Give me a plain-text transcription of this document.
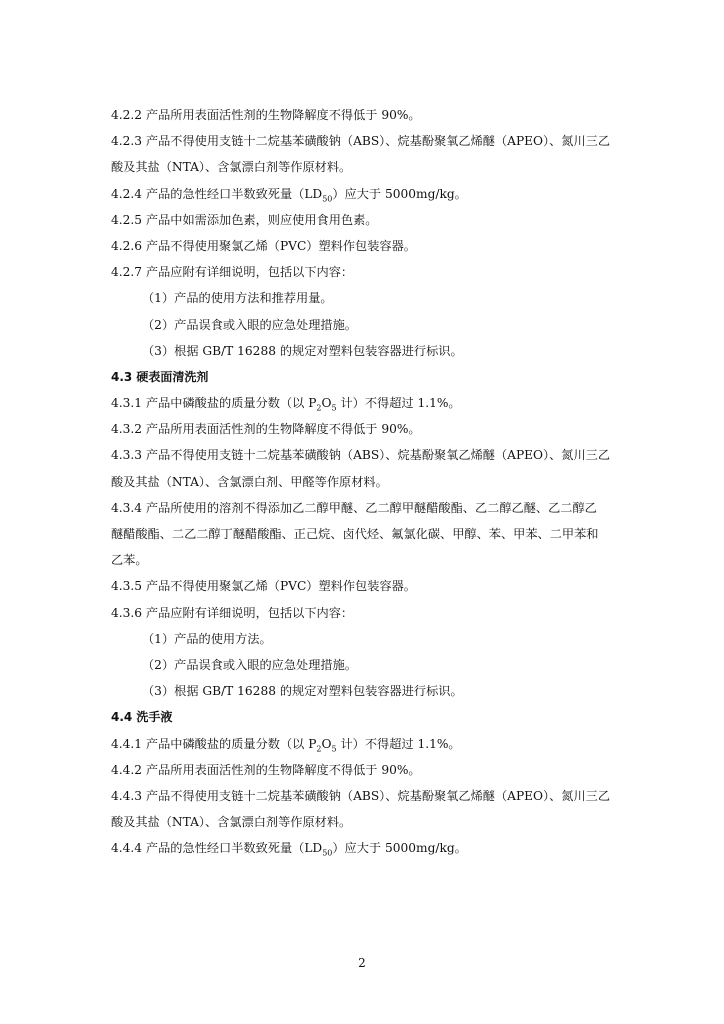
4.2.2 产品所用表面活性剂的生物降解度不得低于 90%。
4.2.3 产品不得使用支链十二烷基苯磺酸钠（ABS）、烷基酚聚氧乙烯醚（APEO）、氮川三乙
酸及其盐（NTA）、含氯漂白剂等作原材料。
4.2.4 产品的急性经口半数致死量$(LD_{50})$应大于 5000mg/kg。
4.2.5 产品中如需添加色素，则应使用食用色素。
4.2.6 产品不得使用聚氯乙烯（PVC）塑料作包装容器。
4.2.7 产品应附有详细说明，包括以下内容：
（1）产品的使用方法和推荐用量。
（2）产品误食或入眼的应急处理措施。
（3）根据 GB/T 16288 的规定对塑料包装容器进行标识。
4.3 硬表面清洗剂
4.3.1 产品中磷酸盐的质量分数（以 $P_2O_5$ 计）不得超过 1.1%。
4.3.2 产品所用表面活性剂的生物降解度不得低于 90%。
4.3.3 产品不得使用支链十二烷基苯磺酸钠（ABS）、烷基酚聚氧乙烯醚（APEO）、氮川三乙
酸及其盐（NTA）、含氯漂白剂、甲醛等作原材料。
4.3.4 产品所使用的溶剂不得添加乙二醇甲醚、乙二醇甲醚醋酸酯、乙二醇乙醚、乙二醇乙
醚醋酸酯、二乙二醇丁醚醋酸酯、正己烷、卤代烃、氟氯化碳、甲醇、苯、甲苯、二甲苯和
乙苯。
4.3.5 产品不得使用聚氯乙烯（PVC）塑料作包装容器。
4.3.6 产品应附有详细说明，包括以下内容：
（1）产品的使用方法。
（2）产品误食或入眼的应急处理措施。
（3）根据 GB/T 16288 的规定对塑料包装容器进行标识。
4.4 洗手液
4.4.1 产品中磷酸盐的质量分数（以 $P_2O_5$ 计）不得超过 1.1%。
4.4.2 产品所用表面活性剂的生物降解度不得低于 90%。
4.4.3 产品不得使用支链十二烷基苯磺酸钠（ABS）、烷基酚聚氧乙烯醚（APEO）、氮川三乙
酸及其盐（NTA）、含氯漂白剂等作原材料。
4.4.4 产品的急性经口半数致死量$(LD_{50})$应大于 5000mg/kg。
2
